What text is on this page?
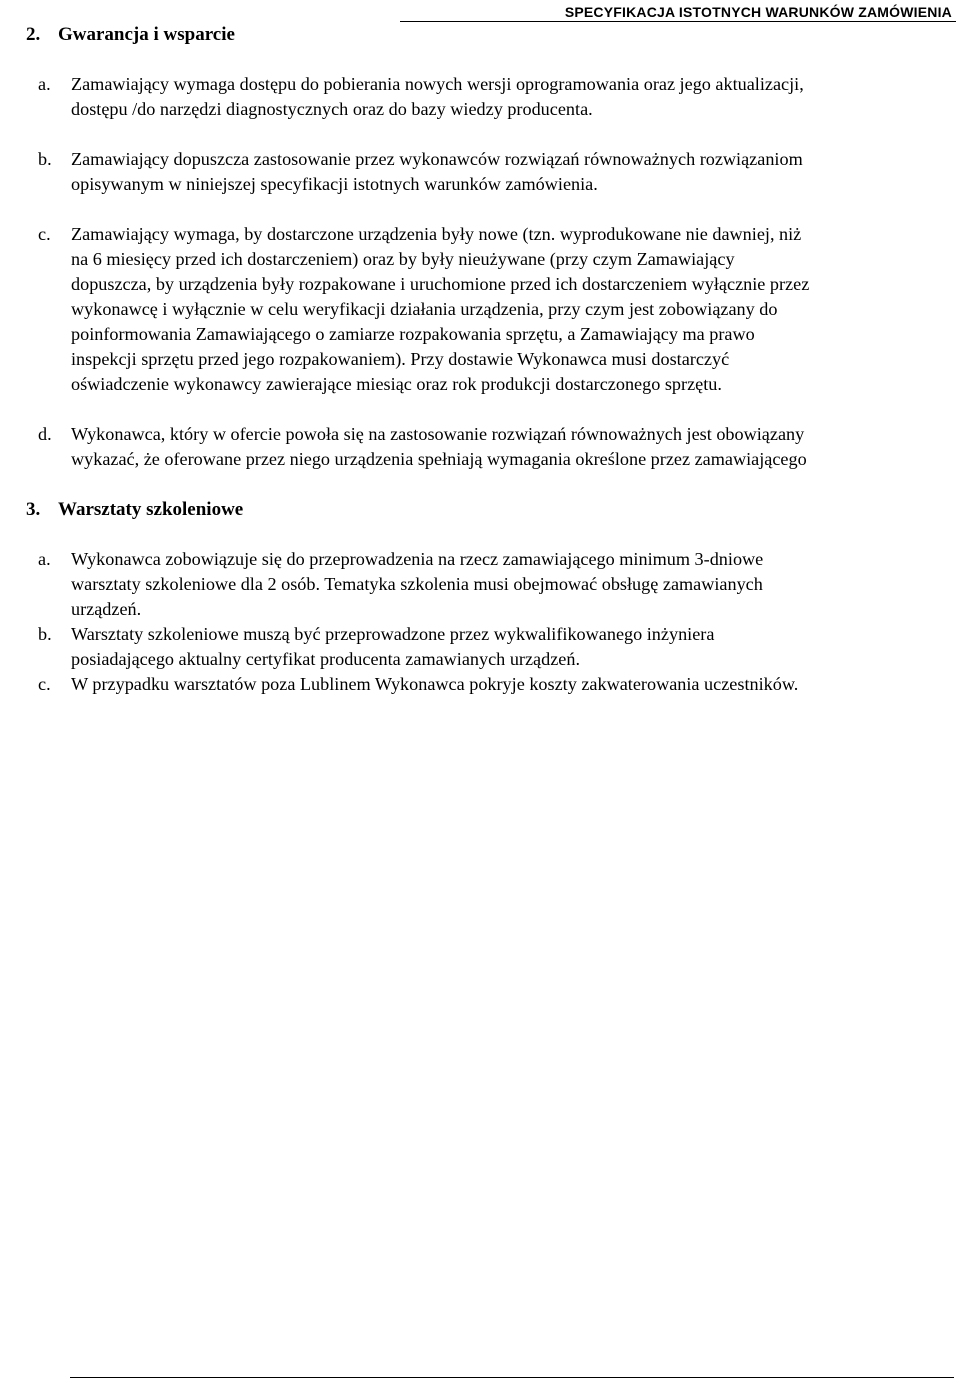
SPECYFIKACJA ISTOTNYCH WARUNKÓW ZAMÓWIENIA
2. Gwarancja i wsparcie
a. Zamawiający wymaga dostępu do pobierania nowych wersji oprogramowania oraz jego aktualizacji,
dostępu /do narzędzi diagnostycznych oraz do bazy wiedzy producenta.
b. Zamawiający dopuszcza zastosowanie przez wykonawców rozwiązań równoważnych rozwiązaniom
opisywanym w niniejszej specyfikacji istotnych warunków zamówienia.
c. Zamawiający wymaga, by dostarczone urządzenia były nowe (tzn. wyprodukowane nie dawniej, niż
na 6 miesięcy przed ich dostarczeniem) oraz by były nieużywane (przy czym Zamawiający
dopuszcza, by urządzenia były rozpakowane i uruchomione przed ich dostarczeniem wyłącznie przez
wykonawcę i wyłącznie w celu weryfikacji działania urządzenia, przy czym jest zobowiązany do
poinformowania Zamawiającego o zamiarze rozpakowania sprzętu, a Zamawiający ma prawo
inspekcji sprzętu przed jego rozpakowaniem). Przy dostawie Wykonawca musi dostarczyć
oświadczenie wykonawcy zawierające miesiąc oraz rok produkcji dostarczonego sprzętu.
d. Wykonawca, który w ofercie powoła się na zastosowanie rozwiązań równoważnych jest obowiązany
wykazać, że oferowane przez niego urządzenia spełniają wymagania określone przez zamawiającego
3. Warsztaty szkoleniowe
a. Wykonawca zobowiązuje się do przeprowadzenia na rzecz zamawiającego minimum 3-dniowe
warsztaty szkoleniowe dla 2 osób. Tematyka szkolenia musi obejmować obsługę zamawianych
urządzeń.
b. Warsztaty szkoleniowe muszą być przeprowadzone przez wykwalifikowanego inżyniera
posiadającego aktualny certyfikat producenta zamawianych urządzeń.
c. W przypadku warsztatów poza Lublinem Wykonawca pokryje koszty zakwaterowania uczestników.
